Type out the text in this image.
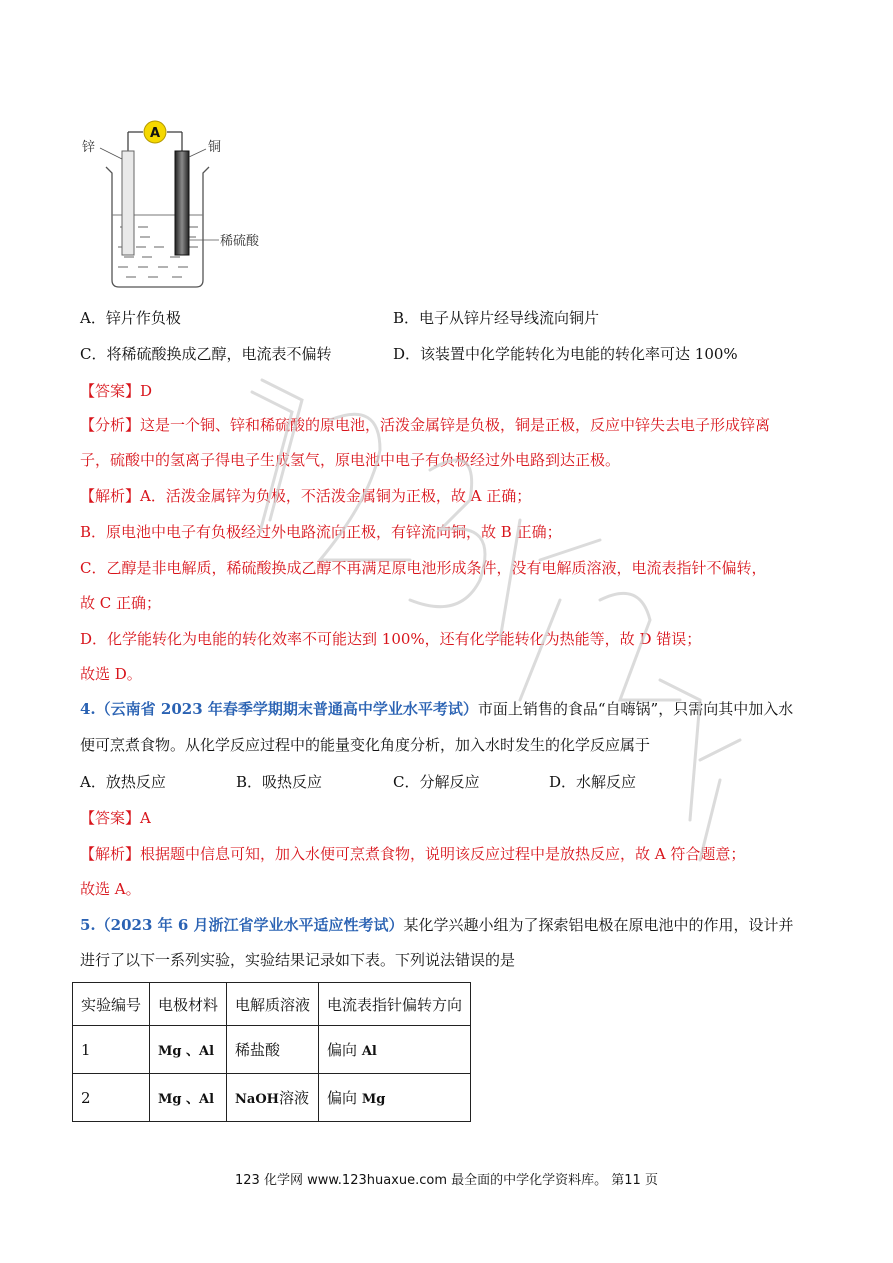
A
锌	铜
稀硫酸
A．锌片作负极	B．电子从锌片经导线流向铜片
C．将稀硫酸换成乙醇，电流表不偏转	D．该装置中化学能转化为电能的转化率可达 100%
【答案】D
【分析】这是一个铜、锌和稀硫酸的原电池，活泼金属锌是负极，铜是正极，反应中锌失去电子形成锌离
子，硫酸中的氢离子得电子生成氢气，原电池中电子有负极经过外电路到达正极。
【解析】A．活泼金属锌为负极，不活泼金属铜为正极，故 A 正确；
B．原电池中电子有负极经过外电路流向正极，有锌流向铜，故 B 正确；
C．乙醇是非电解质，稀硫酸换成乙醇不再满足原电池形成条件，没有电解质溶液，电流表指针不偏转，
故 C 正确；
D．化学能转化为电能的转化效率不可能达到 100%，还有化学能转化为热能等，故 D 错误；
故选 D。
4.（云南省 2023 年春季学期期末普通高中学业水平考试）市面上销售的食品“自嗨锅”，只需向其中加入水
便可烹煮食物。从化学反应过程中的能量变化角度分析，加入水时发生的化学反应属于
A．放热反应	B．吸热反应	C．分解反应	D．水解反应
【答案】A
【解析】根据题中信息可知，加入水便可烹煮食物，说明该反应过程中是放热反应，故 A 符合题意；
故选 A。
5.（2023 年 6 月浙江省学业水平适应性考试）某化学兴趣小组为了探索铝电极在原电池中的作用，设计并
进行了以下一系列实验，实验结果记录如下表。下列说法错误的是
实验编号	电极材料	电解质溶液	电流表指针偏转方向
1	Mg 、Al	稀盐酸	偏向 Al
2	Mg 、Al	NaOH溶液	偏向 Mg
123 化学网 www.123huaxue.com 最全面的中学化学资料库。 第11 页
